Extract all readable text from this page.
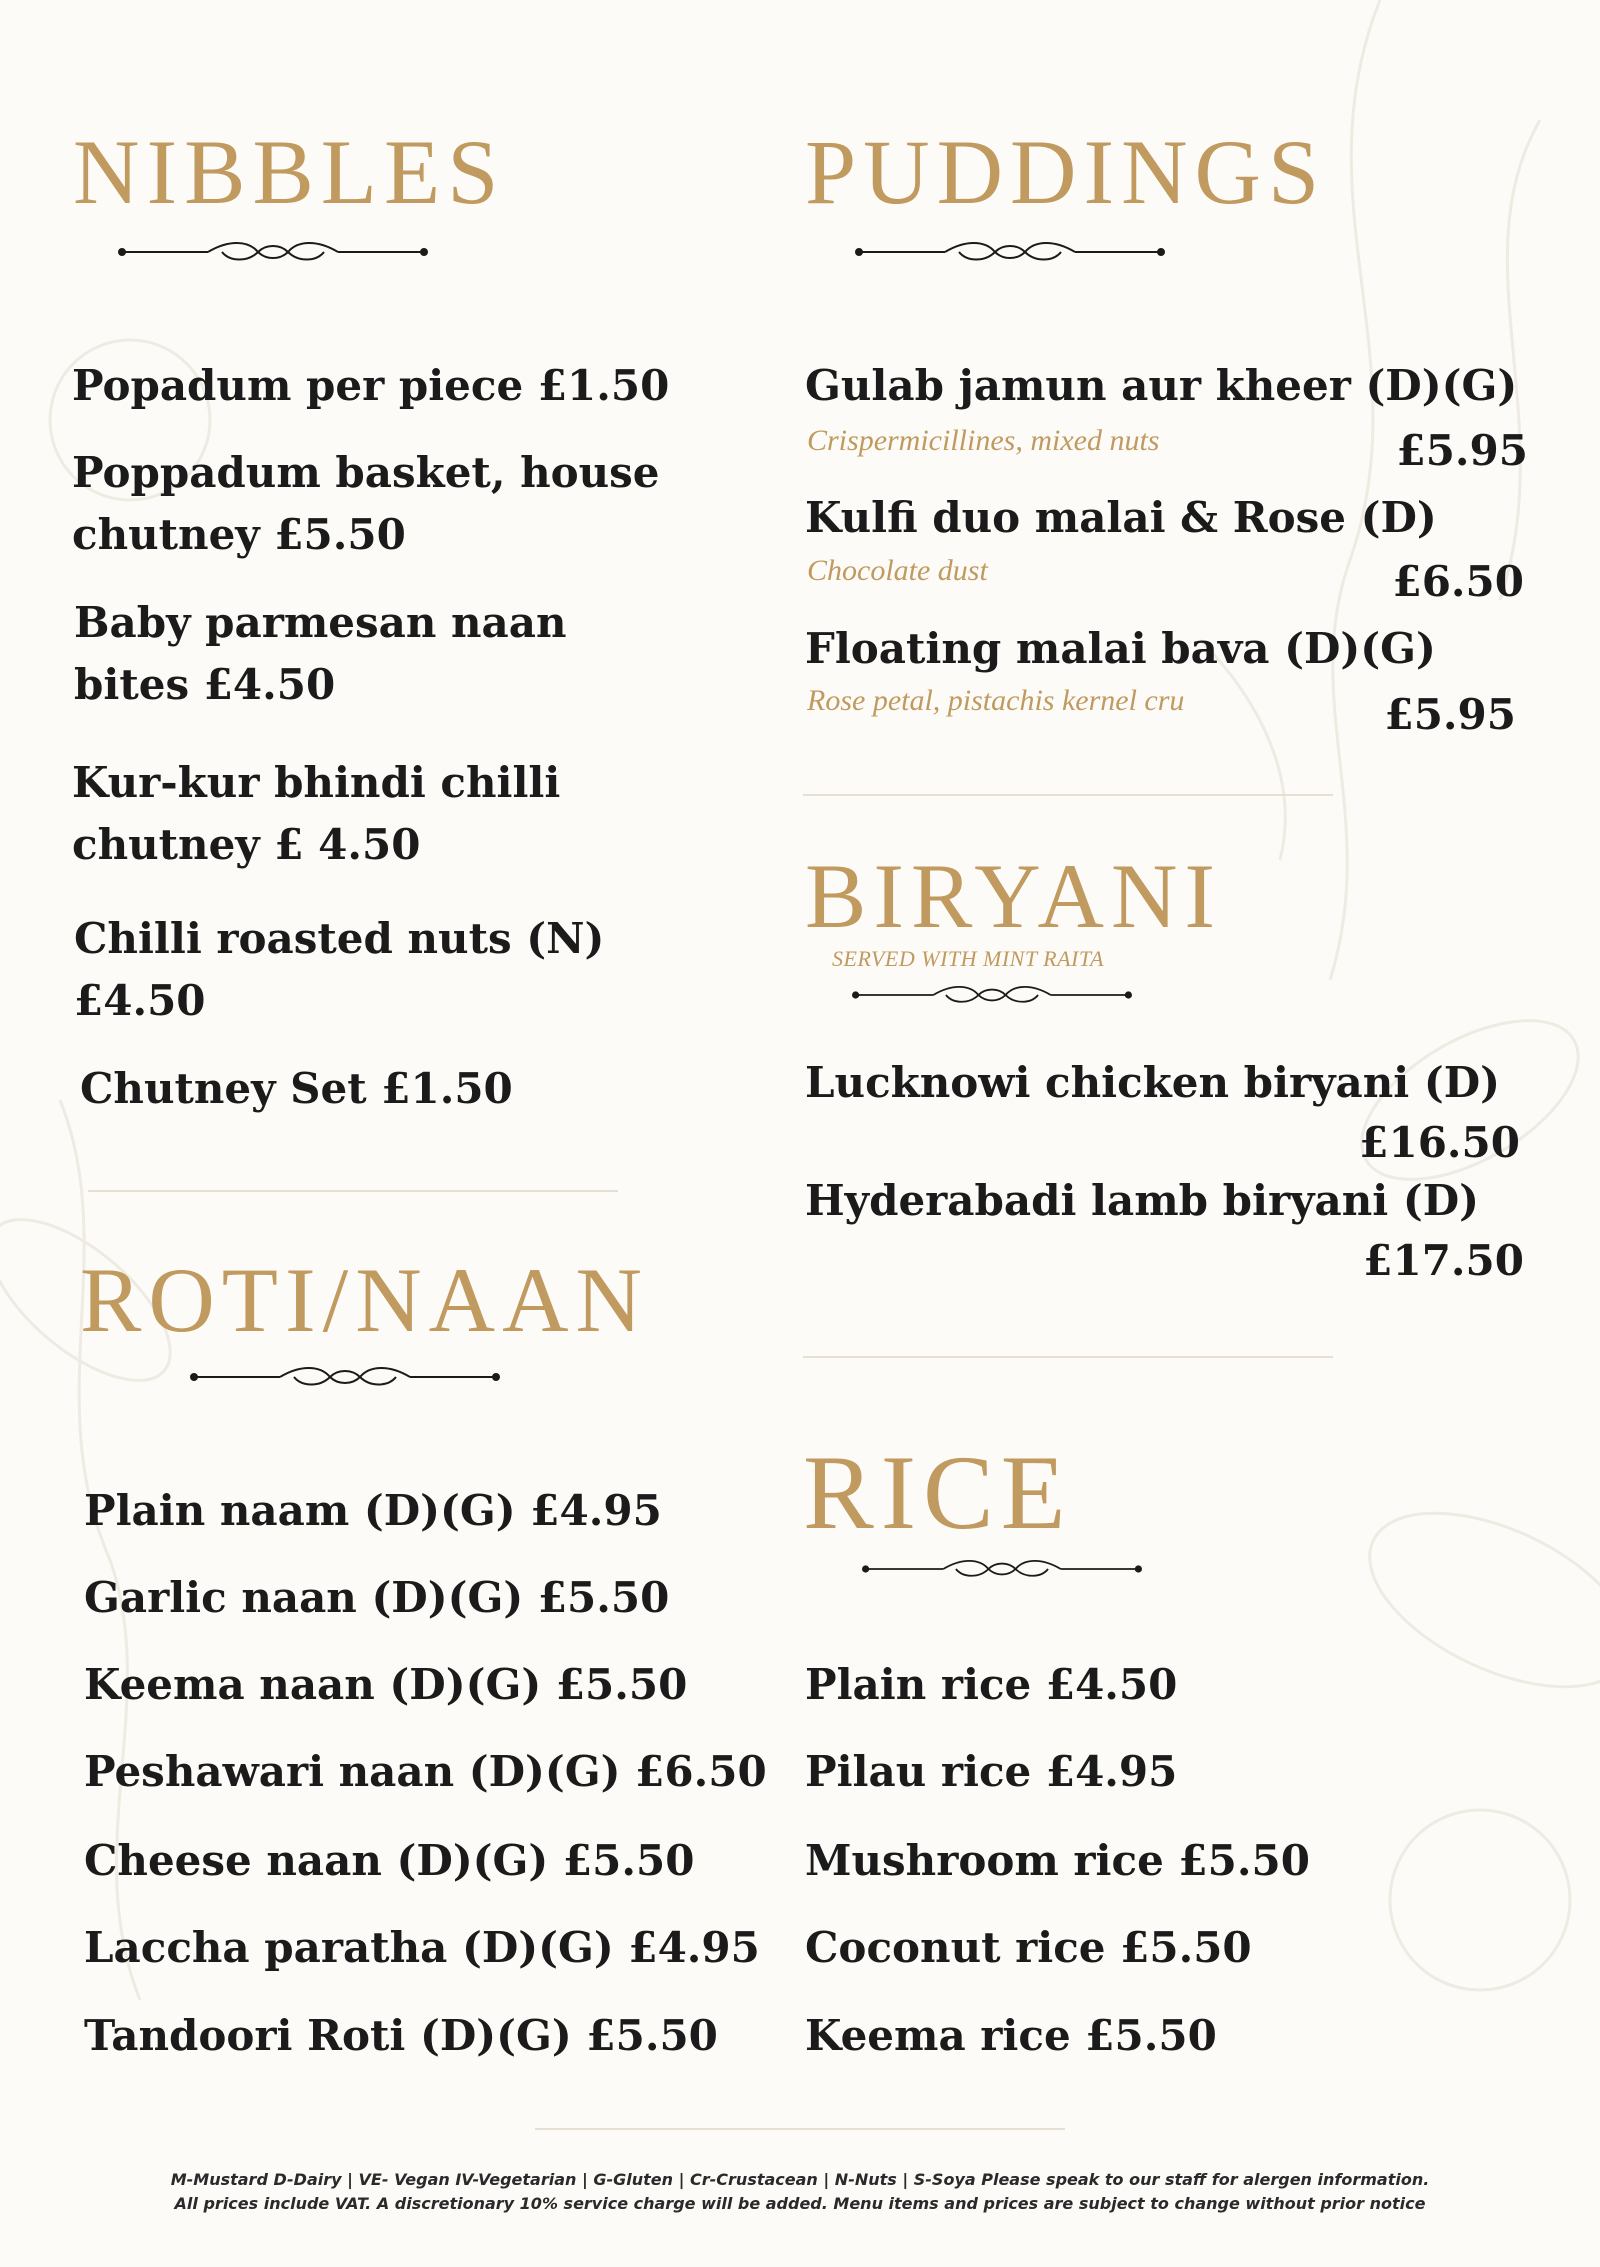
NIBBLES
Popadum per piece £1.50
Poppadum basket, house chutney £5.50
Baby parmesan naan bites £4.50
Kur-kur bhindi chilli chutney £ 4.50
Chilli roasted nuts (N) £4.50
Chutney Set £1.50
ROTI/NAAN
Plain naam (D)(G) £4.95
Garlic naan (D)(G) £5.50
Keema naan (D)(G) £5.50
Peshawari naan (D)(G) £6.50
Cheese naan (D)(G) £5.50
Laccha paratha (D)(G) £4.95
Tandoori Roti (D)(G) £5.50
PUDDINGS
Gulab jamun aur kheer (D)(G)
Crispermicillines, mixed nuts	£5.95
Kulfi duo malai & Rose (D)
Chocolate dust	£6.50
Floating malai bava (D)(G)
Rose petal, pistachis kernel cru	£5.95
BIRYANI
SERVED WITH MINT RAITA
Lucknowi chicken biryani (D)
£16.50
Hyderabadi lamb biryani (D)
£17.50
RICE
Plain rice £4.50
Pilau rice £4.95
Mushroom rice £5.50
Coconut rice £5.50
Keema rice £5.50
M-Mustard D-Dairy | VE- Vegan IV-Vegetarian | G-Gluten | Cr-Crustacean | N-Nuts | S-Soya Please speak to our staff for alergen information.
All prices include VAT. A discretionary 10% service charge will be added. Menu items and prices are subject to change without prior notice
